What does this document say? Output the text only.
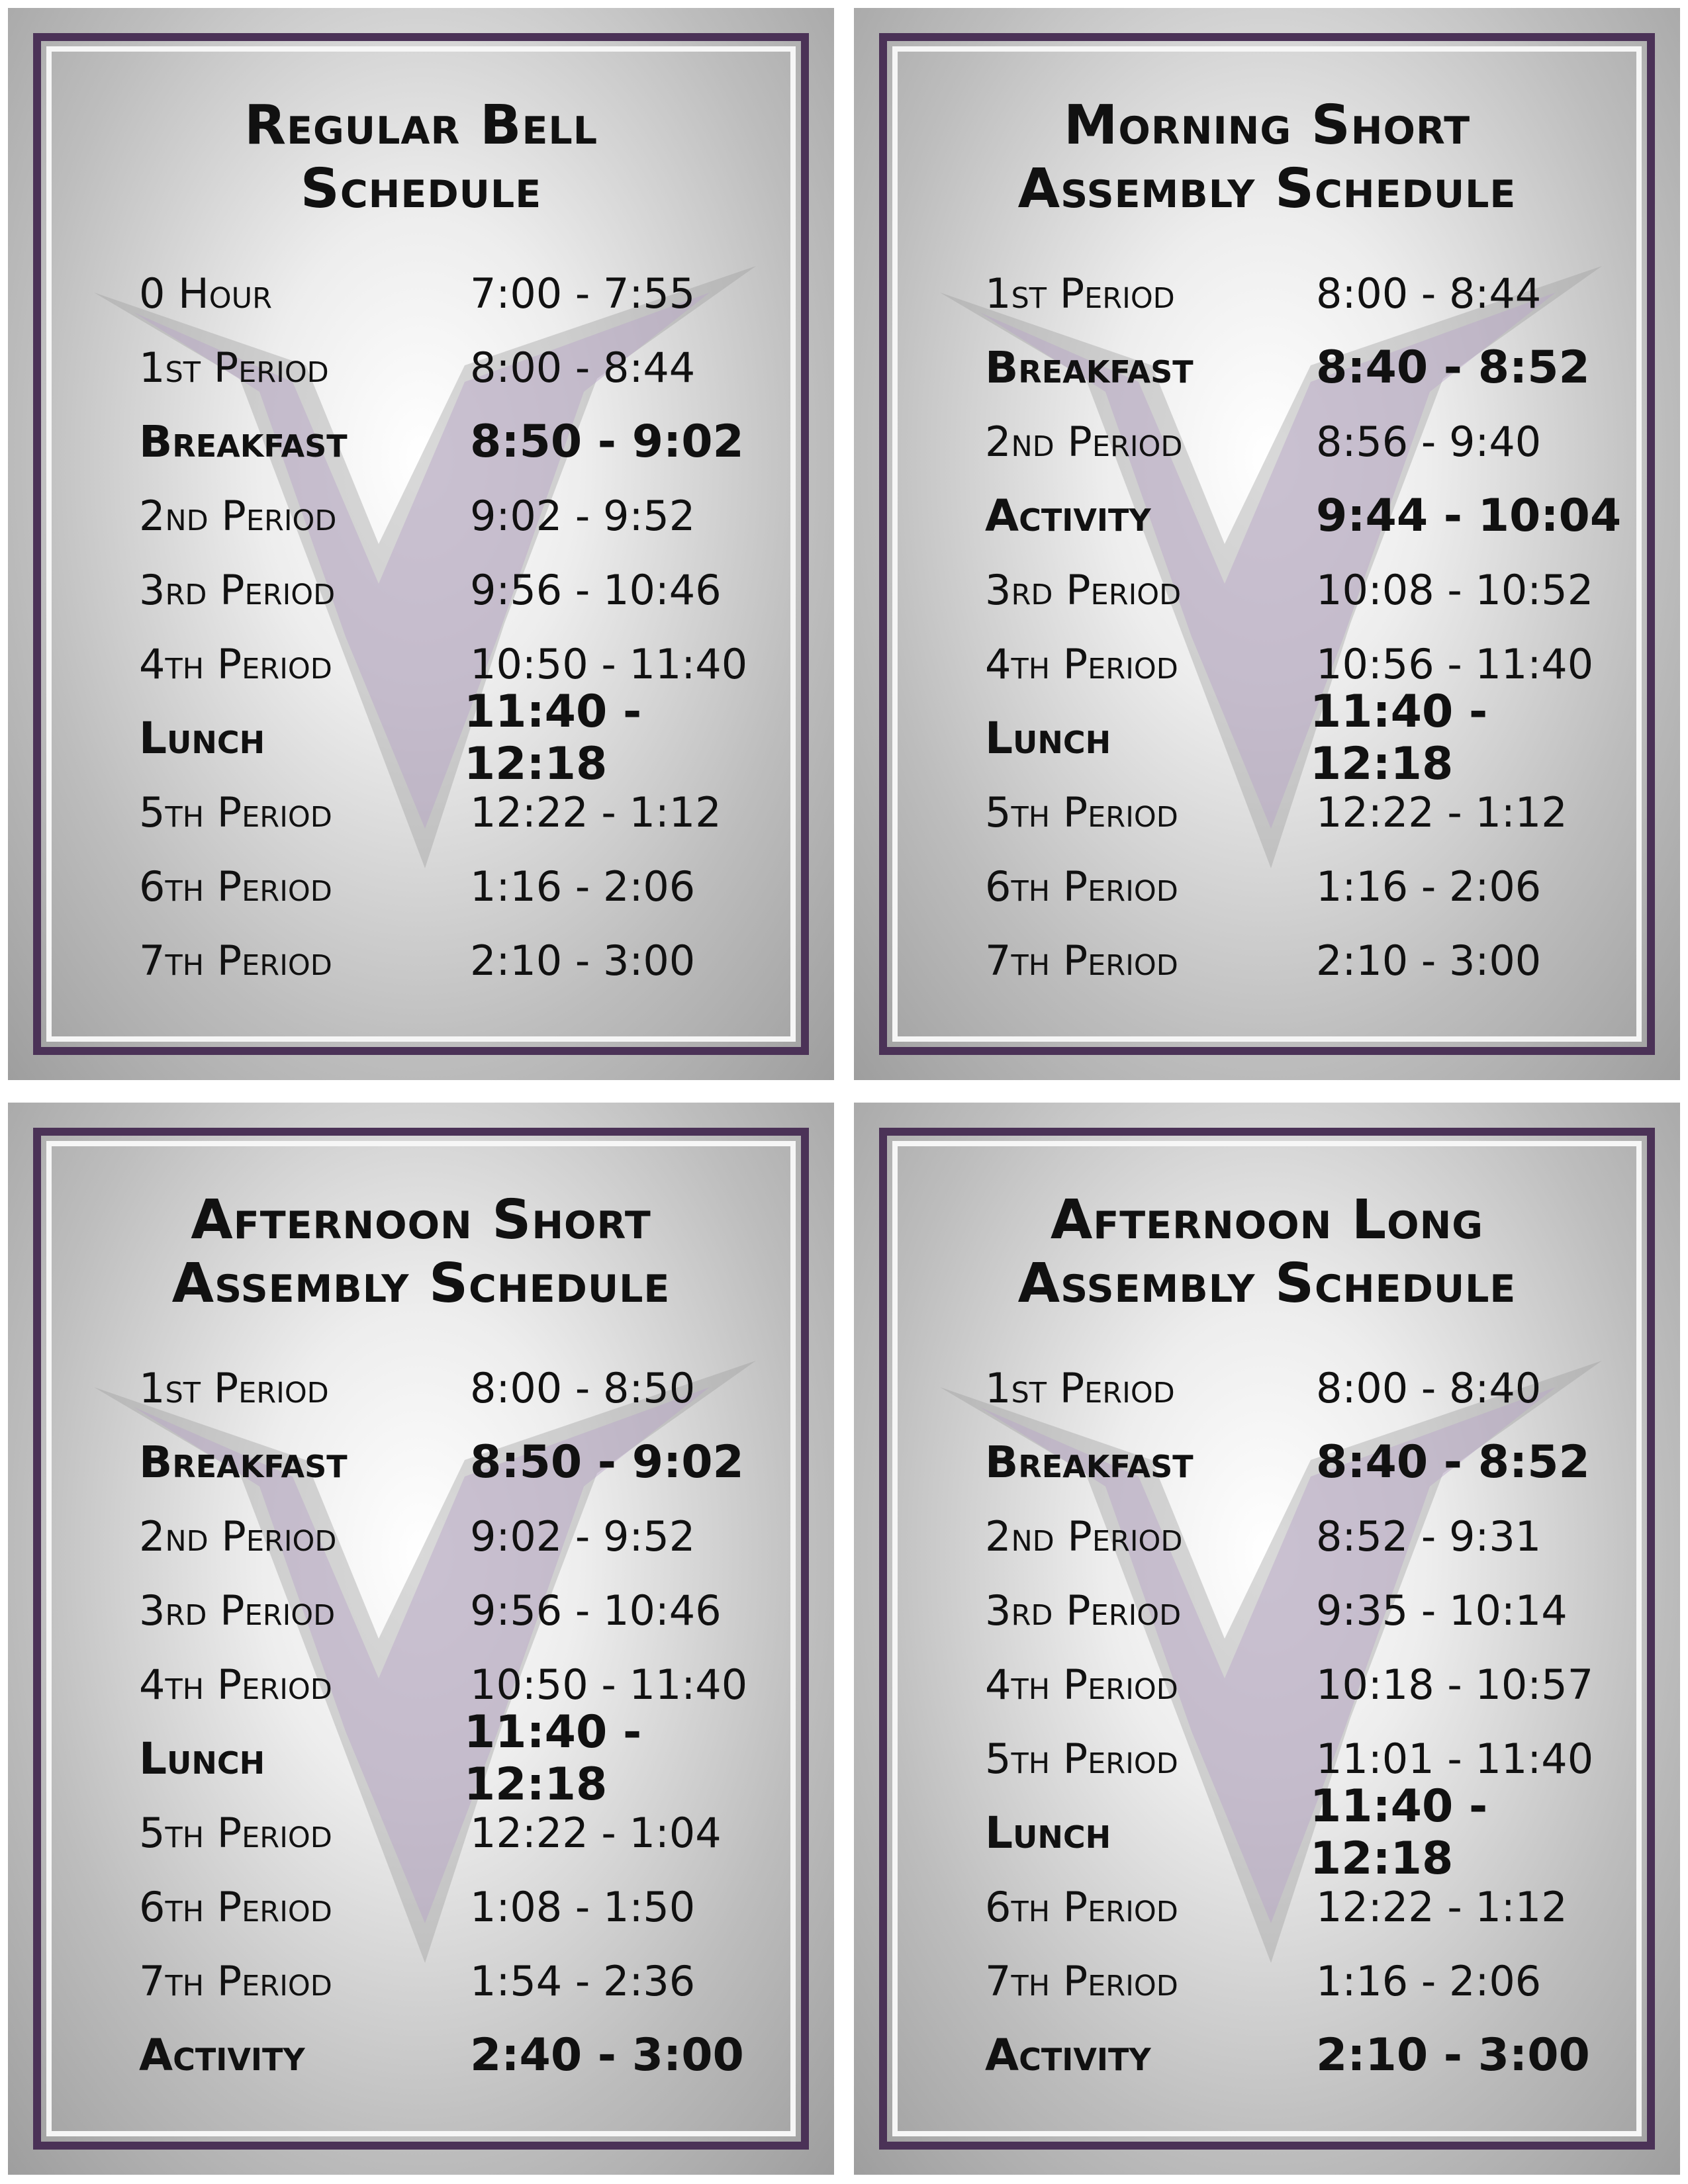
Regular Bell
Schedule
0 Hour	7:00 - 7:55
1st Period	8:00 - 8:44
Breakfast	8:50 - 9:02
2nd Period	9:02 - 9:52
3rd Period	9:56 - 10:46
4th Period	10:50 - 11:40
Lunch	11:40 - 12:18
5th Period	12:22 - 1:12
6th Period	1:16 - 2:06
7th Period	2:10 - 3:00
Morning Short
Assembly Schedule
1st Period	8:00 - 8:44
Breakfast	8:40 - 8:52
2nd Period	8:56 - 9:40
Activity	9:44 - 10:04
3rd Period	10:08 - 10:52
4th Period	10:56 - 11:40
Lunch	11:40 - 12:18
5th Period	12:22 - 1:12
6th Period	1:16 - 2:06
7th Period	2:10 - 3:00
Afternoon Short
Assembly Schedule
1st Period	8:00 - 8:50
Breakfast	8:50 - 9:02
2nd Period	9:02 - 9:52
3rd Period	9:56 - 10:46
4th Period	10:50 - 11:40
Lunch	11:40 - 12:18
5th Period	12:22 - 1:04
6th Period	1:08 - 1:50
7th Period	1:54 - 2:36
Activity	2:40 - 3:00
Afternoon Long
Assembly Schedule
1st Period	8:00 - 8:40
Breakfast	8:40 - 8:52
2nd Period	8:52 - 9:31
3rd Period	9:35 - 10:14
4th Period	10:18 - 10:57
5th Period	11:01 - 11:40
Lunch	11:40 - 12:18
6th Period	12:22 - 1:12
7th Period	1:16 - 2:06
Activity	2:10 - 3:00
